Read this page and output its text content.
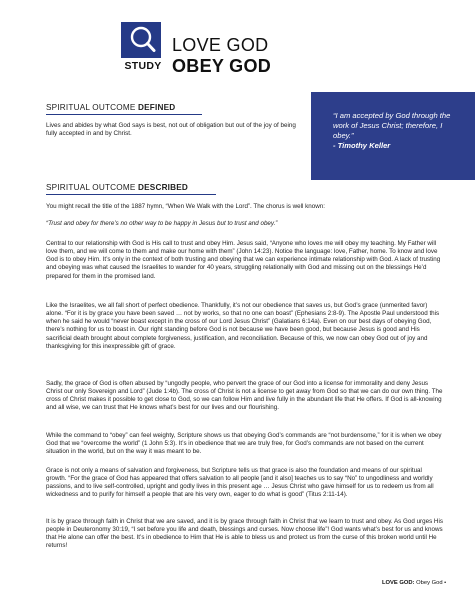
STUDY
LOVE GOD
OBEY GOD
SPIRITUAL OUTCOME DEFINED
Lives and abides by what God says is best, not out of obligation but out of the joy of being fully accepted in and by Christ.
“I am accepted by God through the work of Jesus Christ; therefore, I obey.”
- Timothy Keller
SPIRITUAL OUTCOME DESCRIBED

You might recall the title of the 1887 hymn, “When We Walk with the Lord”. The chorus is well known:

“Trust and obey for there’s no other way to be happy in Jesus but to trust and obey.”

Central to our relationship with God is His call to trust and obey Him. Jesus said, “Anyone who loves me will obey my teaching. My Father will love them, and we will come to them and make our home with them” (John 14:23). Notice the language: love, Father, home. To know and love God is to obey Him. It’s only in the context of both trusting and obeying that we can experience intimate relationship with God. A lack of trusting and obeying was what caused the Israelites to wander for 40 years, struggling relationally with God and missing out on the blessings He’d prepared for them in the promised land.

Like the Israelites, we all fall short of perfect obedience. Thankfully, it’s not our obedience that saves us, but God’s grace (unmerited favor) alone. “For it is by grace you have been saved … not by works, so that no one can boast” (Ephesians 2:8-9). The Apostle Paul understood this when he said he would “never boast except in the cross of our Lord Jesus Christ” (Galatians 6:14a). Even on our best days of obeying God, there’s nothing for us to boast in. Our right standing before God is not because we have been good, but because Jesus is good and His sacrificial death brought about complete forgiveness, justification, and reconciliation. Because of this, we now can obey God out of joy and thanksgiving for this inexpressible gift of grace.

Sadly, the grace of God is often abused by “ungodly people, who pervert the grace of our God into a license for immorality and deny Jesus Christ our only Sovereign and Lord” (Jude 1:4b). The cross of Christ is not a license to get away from God so that we can do our own thing. The cross of Christ makes it possible to get close to God, so we can follow Him and live fully in the abundant life that He offers. If God is all-knowing and all wise, we can trust that He knows what’s best for our lives and our flourishing.

While the command to “obey” can feel weighty, Scripture shows us that obeying God’s commands are “not burdensome,” for it is when we obey God that we “overcome the world” (1 John 5:3). It’s in obedience that we are truly free, for God’s commands are not based on the current situation in the world, but on the way it was meant to be.

Grace is not only a means of salvation and forgiveness, but Scripture tells us that grace is also the foundation and means of our spiritual growth. “For the grace of God has appeared that offers salvation to all people [and it also] teaches us to say “No” to ungodliness and worldly passions, and to live self-controlled, upright and godly lives in this present age … Jesus Christ who gave himself for us to redeem us from all wickedness and to purify for himself a people that are his very own, eager to do what is good” (Titus 2:11-14).

It is by grace through faith in Christ that we are saved, and it is by grace through faith in Christ that we learn to trust and obey. As God urges His people in Deuteronomy 30:19, “I set before you life and death, blessings and curses. Now choose life”! God wants what’s best for us and knows that He alone can offer the best. It’s in obedience to Him that He is able to bless us and protect us from the curse of this broken world until He returns!

LOVE GOD: Obey God •
